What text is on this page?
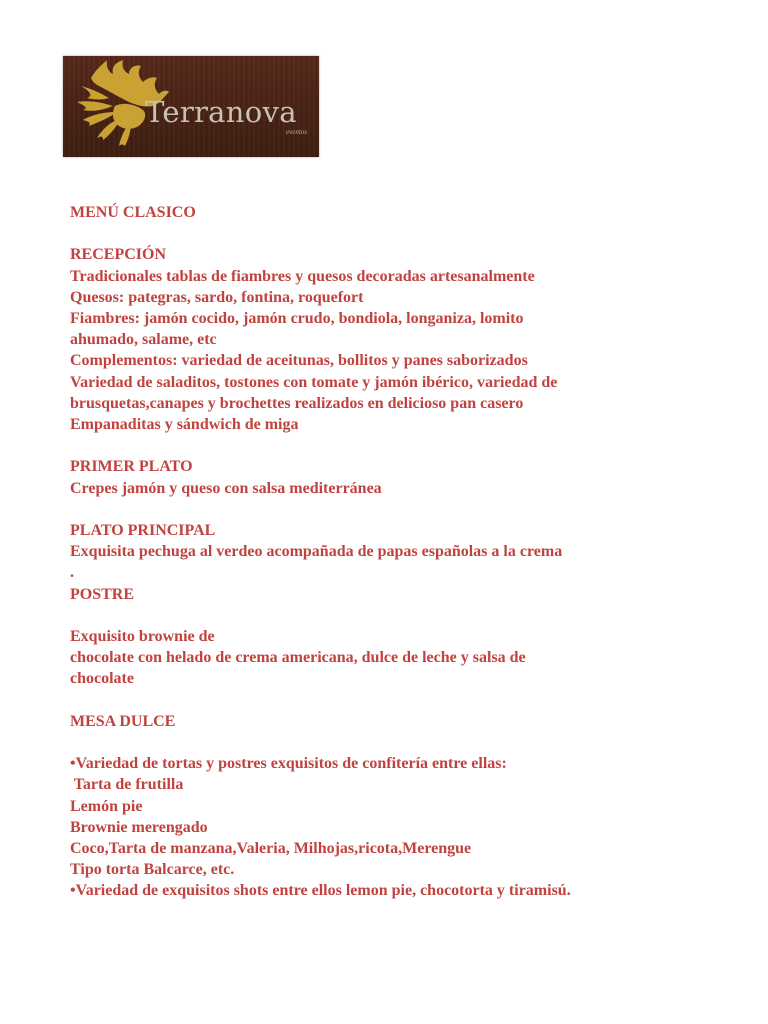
Terranova
eventos

MENÚ CLASICO

RECEPCIÓN

Tradicionales tablas de fiambres y quesos decoradas artesanalmente

Quesos: pategras, sardo, fontina, roquefort

Fiambres: jamón cocido, jamón crudo, bondiola, longaniza, lomito

ahumado, salame, etc

Complementos: variedad de aceitunas, bollitos y panes saborizados

Variedad de saladitos, tostones con tomate y jamón ibérico, variedad de

brusquetas,canapes y brochettes realizados en delicioso pan casero

Empanaditas y sándwich de miga

PRIMER PLATO

Crepes jamón y queso con salsa mediterránea

PLATO PRINCIPAL

Exquisita pechuga al verdeo acompañada de papas españolas a la crema

.

POSTRE

Exquisito brownie de

chocolate con helado de crema americana, dulce de leche y salsa de

chocolate

MESA DULCE

•Variedad de tortas y postres exquisitos de confitería entre ellas:

Tarta de frutilla

Lemón pie

Brownie merengado

Coco,Tarta de manzana,Valeria, Milhojas,ricota,Merengue

Tipo torta Balcarce, etc.

•Variedad de exquisitos shots entre ellos lemon pie, chocotorta y tiramisú.
